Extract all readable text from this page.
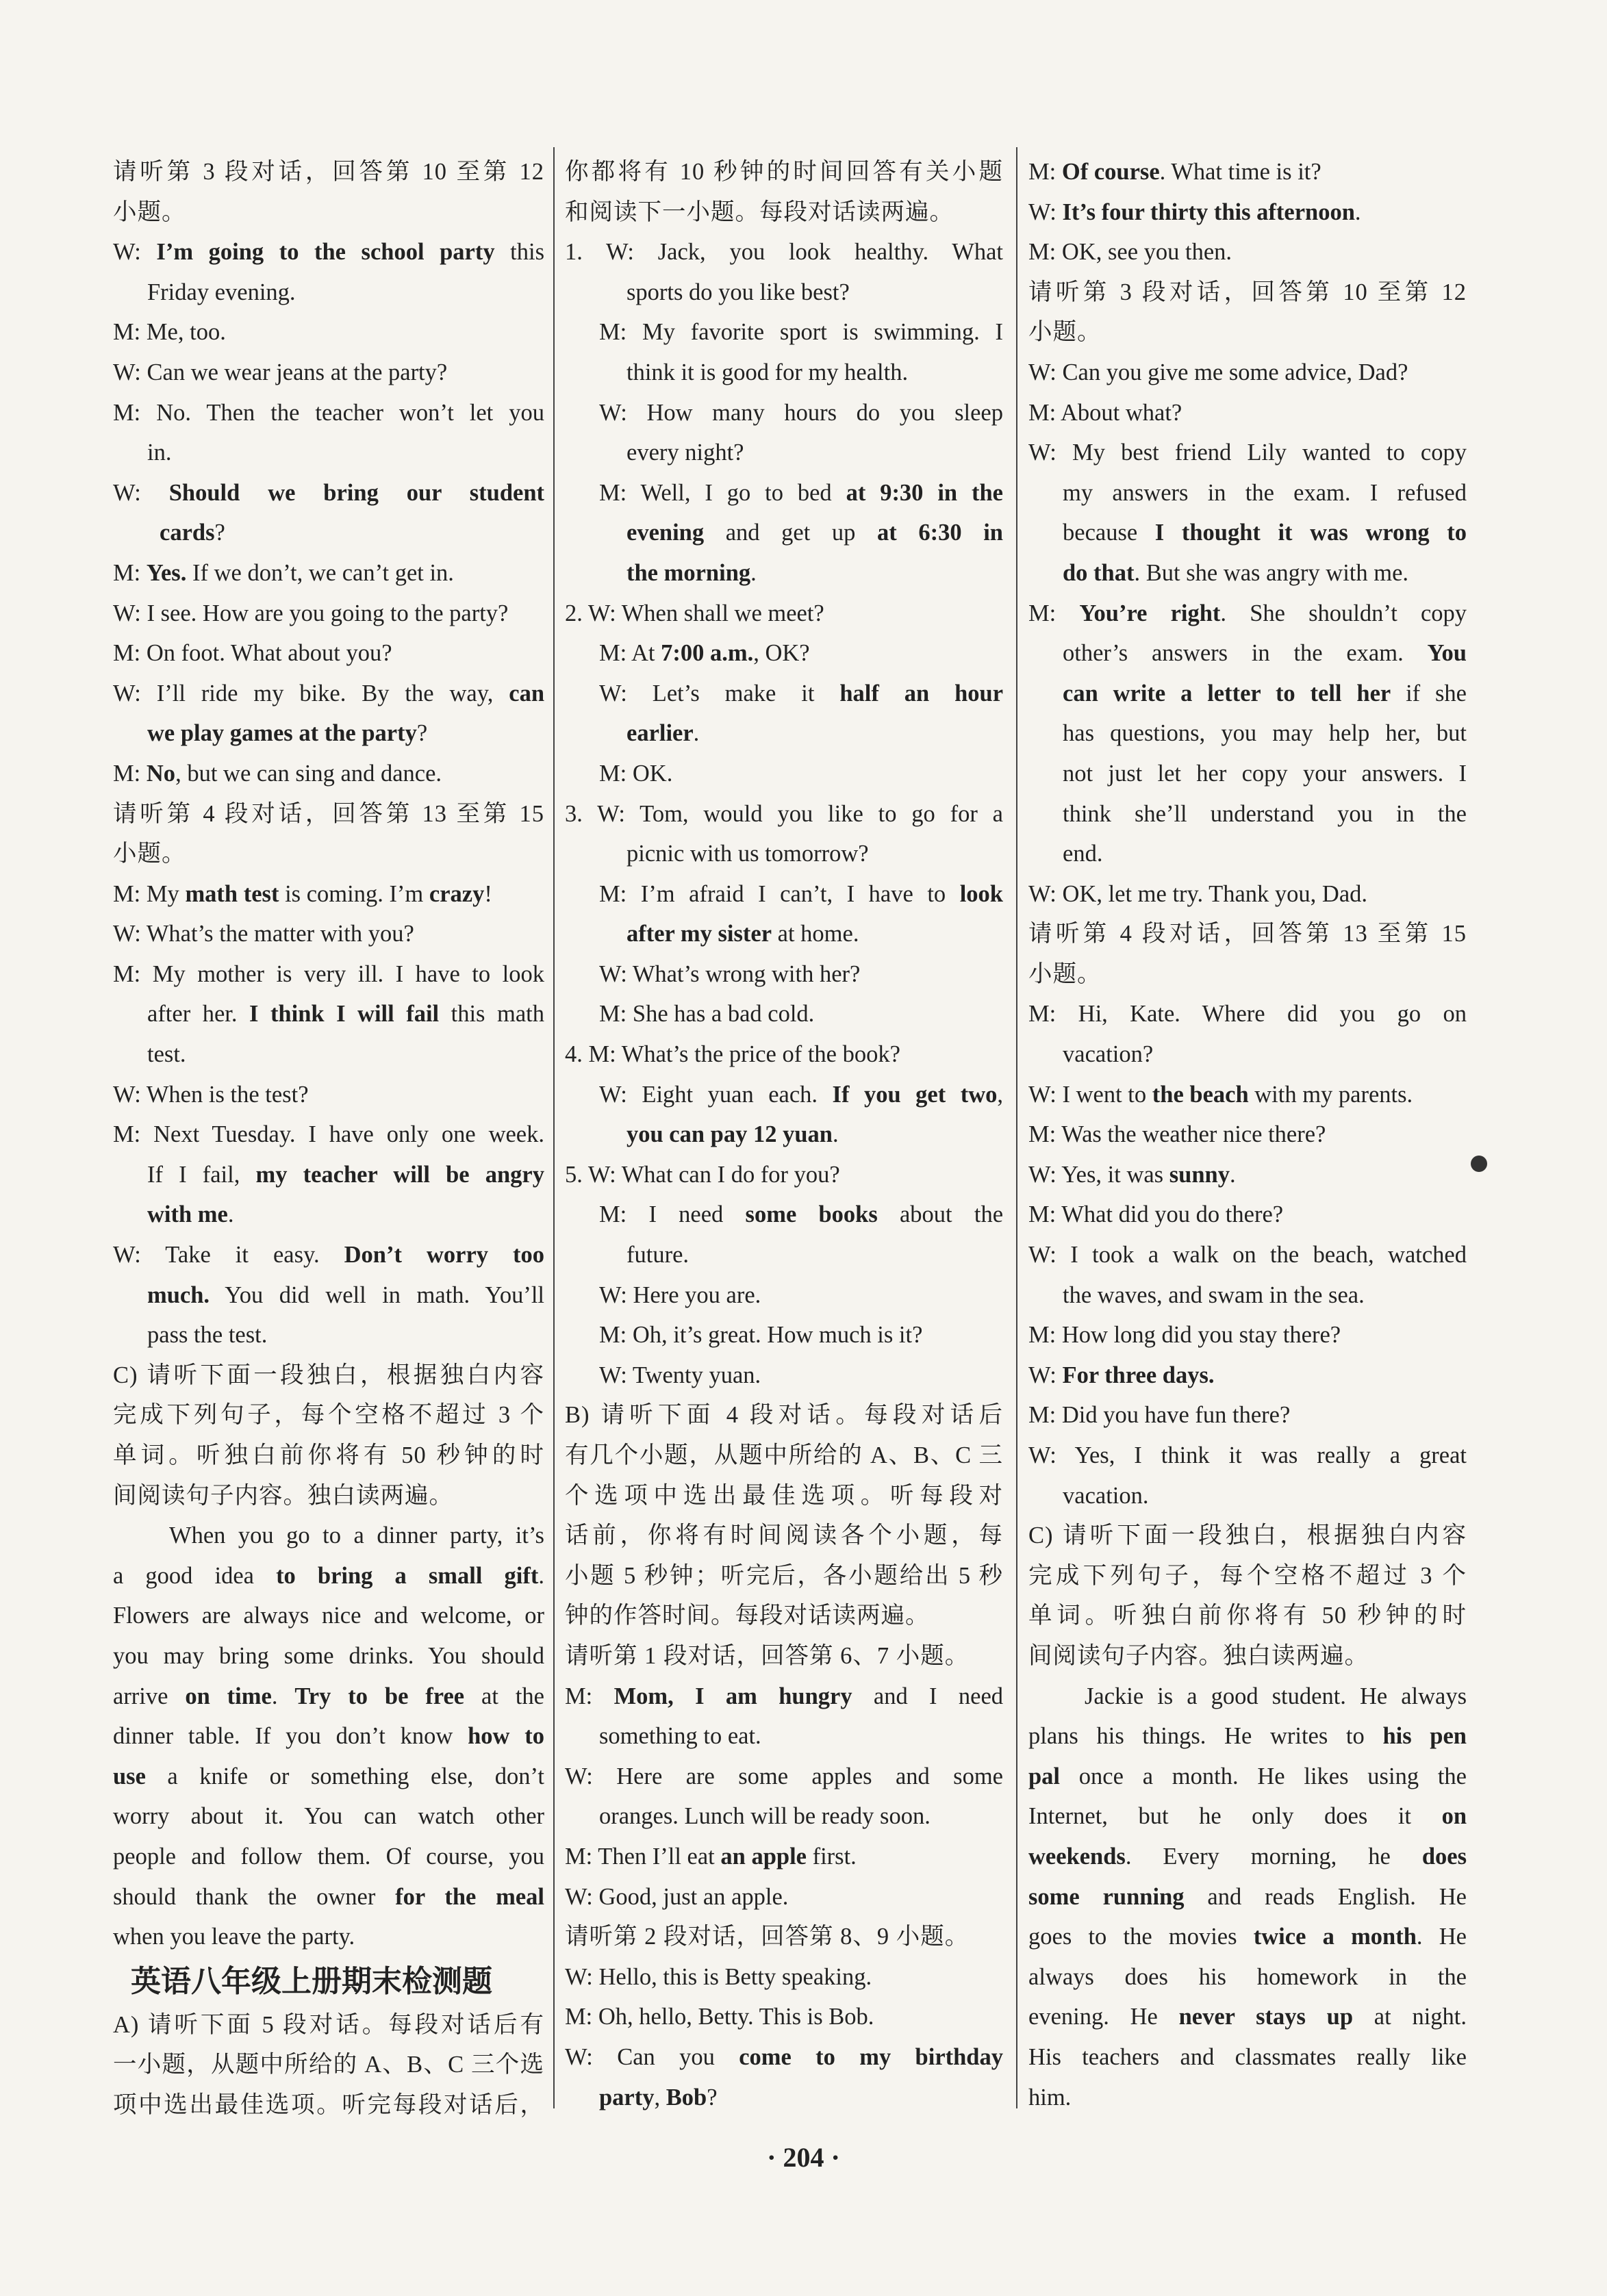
请听第 3 段对话，回答第 10 至第 12
小题。
W: I’m going to the school party this
Friday evening.
M: Me, too.
W: Can we wear jeans at the party?
M: No. Then the teacher won’t let you
in.
W: Should we bring our student
cards?
M: Yes. If we don’t, we can’t get in.
W: I see. How are you going to the party?
M: On foot. What about you?
W: I’ll ride my bike. By the way, can
we play games at the party?
M: No, but we can sing and dance.
请听第 4 段对话，回答第 13 至第 15
小题。
M: My math test is coming. I’m crazy!
W: What’s the matter with you?
M: My mother is very ill. I have to look
after her. I think I will fail this math
test.
W: When is the test?
M: Next Tuesday. I have only one week.
If I fail, my teacher will be angry
with me.
W: Take it easy. Don’t worry too
much. You did well in math. You’ll
pass the test.
C) 请听下面一段独白，根据独白内容
完成下列句子，每个空格不超过 3 个
单词。听独白前你将有 50 秒钟的时
间阅读句子内容。独白读两遍。
When you go to a dinner party, it’s
a good idea to bring a small gift.
Flowers are always nice and welcome, or
you may bring some drinks. You should
arrive on time. Try to be free at the
dinner table. If you don’t know how to
use a knife or something else, don’t
worry about it. You can watch other
people and follow them. Of course, you
should thank the owner for the meal
when you leave the party.
英语八年级上册期末检测题
A) 请听下面 5 段对话。每段对话后有
一小题，从题中所给的 A、B、C 三个选
项中选出最佳选项。听完每段对话后，
你都将有 10 秒钟的时间回答有关小题
和阅读下一小题。每段对话读两遍。
1. W: Jack, you look healthy. What
sports do you like best?
M: My favorite sport is swimming. I
think it is good for my health.
W: How many hours do you sleep
every night?
M: Well, I go to bed at 9:30 in the
evening and get up at 6:30 in
the morning.
2. W: When shall we meet?
M: At 7:00 a.m., OK?
W: Let’s make it half an hour
earlier.
M: OK.
3. W: Tom, would you like to go for a
picnic with us tomorrow?
M: I’m afraid I can’t, I have to look
after my sister at home.
W: What’s wrong with her?
M: She has a bad cold.
4. M: What’s the price of the book?
W: Eight yuan each. If you get two,
you can pay 12 yuan.
5. W: What can I do for you?
M: I need some books about the
future.
W: Here you are.
M: Oh, it’s great. How much is it?
W: Twenty yuan.
B) 请听下面 4 段对话。每段对话后
有几个小题，从题中所给的 A、B、C 三
个选项中选出最佳选项。听每段对
话前，你将有时间阅读各个小题，每
小题 5 秒钟；听完后，各小题给出 5 秒
钟的作答时间。每段对话读两遍。
请听第 1 段对话，回答第 6、7 小题。
M: Mom, I am hungry and I need
something to eat.
W: Here are some apples and some
oranges. Lunch will be ready soon.
M: Then I’ll eat an apple first.
W: Good, just an apple.
请听第 2 段对话，回答第 8、9 小题。
W: Hello, this is Betty speaking.
M: Oh, hello, Betty. This is Bob.
W: Can you come to my birthday
party, Bob?
M: Of course. What time is it?
W: It’s four thirty this afternoon.
M: OK, see you then.
请听第 3 段对话，回答第 10 至第 12
小题。
W: Can you give me some advice, Dad?
M: About what?
W: My best friend Lily wanted to copy
my answers in the exam. I refused
because I thought it was wrong to
do that. But she was angry with me.
M: You’re right. She shouldn’t copy
other’s answers in the exam. You
can write a letter to tell her if she
has questions, you may help her, but
not just let her copy your answers. I
think she’ll understand you in the
end.
W: OK, let me try. Thank you, Dad.
请听第 4 段对话，回答第 13 至第 15
小题。
M: Hi, Kate. Where did you go on
vacation?
W: I went to the beach with my parents.
M: Was the weather nice there?
W: Yes, it was sunny.
M: What did you do there?
W: I took a walk on the beach, watched
the waves, and swam in the sea.
M: How long did you stay there?
W: For three days.
M: Did you have fun there?
W: Yes, I think it was really a great
vacation.
C) 请听下面一段独白，根据独白内容
完成下列句子，每个空格不超过 3 个
单词。听独白前你将有 50 秒钟的时
间阅读句子内容。独白读两遍。
Jackie is a good student. He always
plans his things. He writes to his pen
pal once a month. He likes using the
Internet, but he only does it on
weekends. Every morning, he does
some running and reads English. He
goes to the movies twice a month. He
always does his homework in the
evening. He never stays up at night.
His teachers and classmates really like
him.
· 204 ·
